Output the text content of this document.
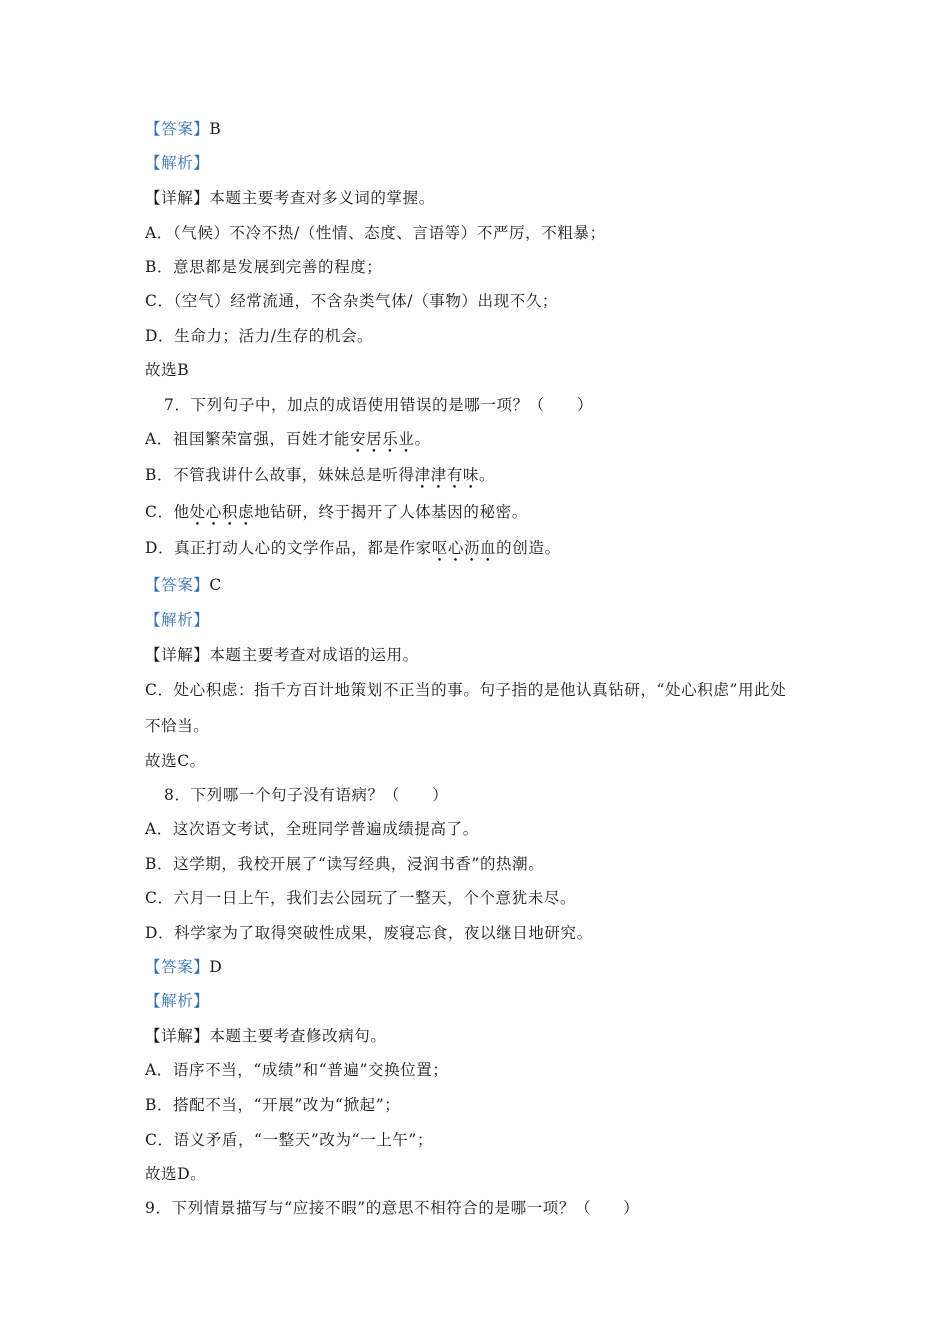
【答案】B
【解析】
【详解】本题主要考查对多义词的掌握。
A．（气候）不冷不热/（性情、态度、言语等）不严厉，不粗暴；
B．意思都是发展到完善的程度；
C．（空气）经常流通，不含杂类气体/（事物）出现不久；
D．生命力；活力/生存的机会。
故选B
7．下列句子中，加点的成语使用错误的是哪一项？（　　）
A．祖国繁荣富强，百姓才能安居乐业。
B．不管我讲什么故事，妹妹总是听得津津有味。
C．他处心积虑地钻研，终于揭开了人体基因的秘密。
D．真正打动人心的文学作品，都是作家呕心沥血的创造。
【答案】C
【解析】
【详解】本题主要考查对成语的运用。
C．处心积虑：指千方百计地策划不正当的事。句子指的是他认真钻研，“处心积虑”用此处
不恰当。
故选C。
8．下列哪一个句子没有语病？（　　）
A．这次语文考试，全班同学普遍成绩提高了。
B．这学期，我校开展了“读写经典，浸润书香”的热潮。
C．六月一日上午，我们去公园玩了一整天，个个意犹未尽。
D．科学家为了取得突破性成果，废寝忘食，夜以继日地研究。
【答案】D
【解析】
【详解】本题主要考查修改病句。
A．语序不当，“成绩”和“普遍”交换位置；
B．搭配不当，“开展”改为“掀起”；
C．语义矛盾，“一整天”改为“一上午”；
故选D。
9．下列情景描写与“应接不暇”的意思不相符合的是哪一项？（　　）
